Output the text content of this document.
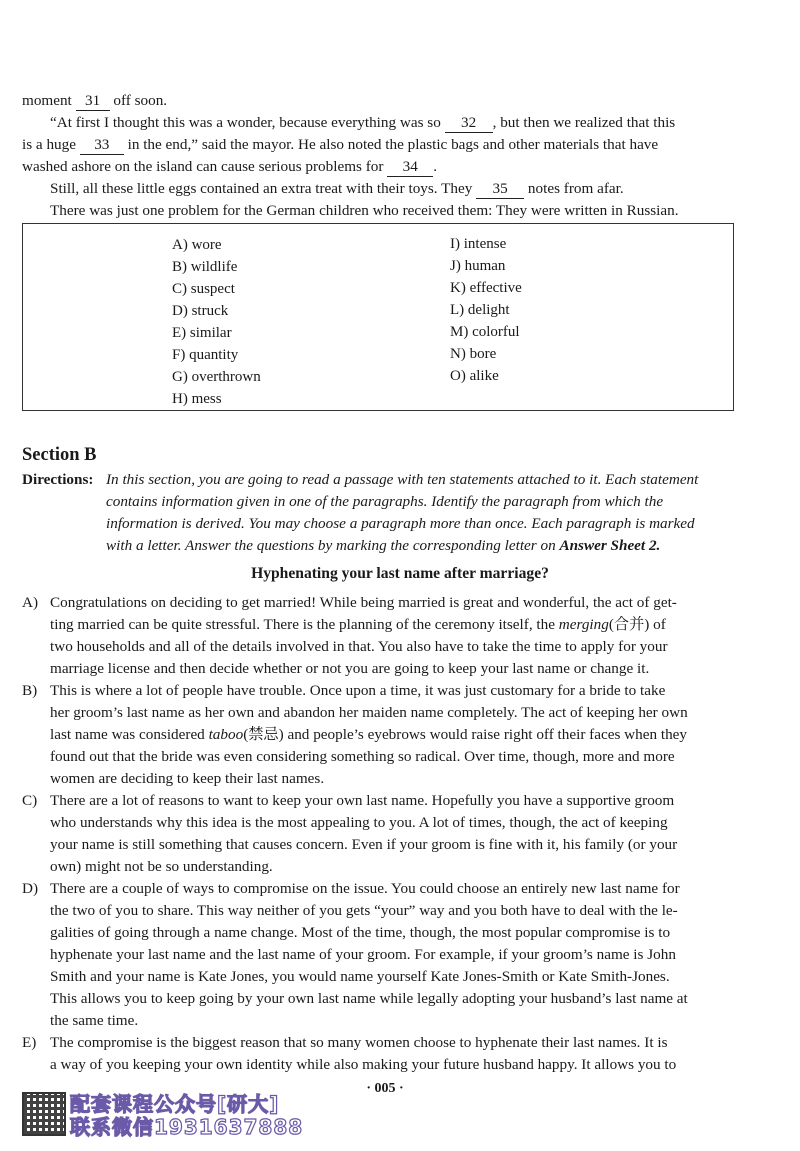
moment 31 off soon.
“At first I thought this was a wonder, because everything was so 32 , but then we realized that this
is a huge 33 in the end,” said the mayor. He also noted the plastic bags and other materials that have
washed ashore on the island can cause serious problems for 34 .
Still, all these little eggs contained an extra treat with their toys. They 35 notes from afar.
There was just one problem for the German children who received them: They were written in Russian.
A) wore
B) wildlife
C) suspect
D) struck
E) similar
F) quantity
G) overthrown
H) mess
I) intense
J) human
K) effective
L) delight
M) colorful
N) bore
O) alike
Section B
Directions: In this section, you are going to read a passage with ten statements attached to it. Each statement
contains information given in one of the paragraphs. Identify the paragraph from which the
information is derived. You may choose a paragraph more than once. Each paragraph is marked
with a letter. Answer the questions by marking the corresponding letter on Answer Sheet 2.
Hyphenating your last name after marriage?
A) Congratulations on deciding to get married! While being married is great and wonderful, the act of get-
ting married can be quite stressful. There is the planning of the ceremony itself, the merging(合并) of
two households and all of the details involved in that. You also have to take the time to apply for your
marriage license and then decide whether or not you are going to keep your last name or change it.
B) This is where a lot of people have trouble. Once upon a time, it was just customary for a bride to take
her groom’s last name as her own and abandon her maiden name completely. The act of keeping her own
last name was considered taboo(禁忌) and people’s eyebrows would raise right off their faces when they
found out that the bride was even considering something so radical. Over time, though, more and more
women are deciding to keep their last names.
C) There are a lot of reasons to want to keep your own last name. Hopefully you have a supportive groom
who understands why this idea is the most appealing to you. A lot of times, though, the act of keeping
your name is still something that causes concern. Even if your groom is fine with it, his family (or your
own) might not be so understanding.
D) There are a couple of ways to compromise on the issue. You could choose an entirely new last name for
the two of you to share. This way neither of you gets “your” way and you both have to deal with the le-
galities of going through a name change. Most of the time, though, the most popular compromise is to
hyphenate your last name and the last name of your groom. For example, if your groom’s name is John
Smith and your name is Kate Jones, you would name yourself Kate Jones-Smith or Kate Smith-Jones.
This allows you to keep going by your own last name while legally adopting your husband’s last name at
the same time.
E) The compromise is the biggest reason that so many women choose to hyphenate their last names. It is
a way of you keeping your own identity while also making your future husband happy. It allows you to
· 005 ·
配套课程公众号[研大]
联系微信1931637888
